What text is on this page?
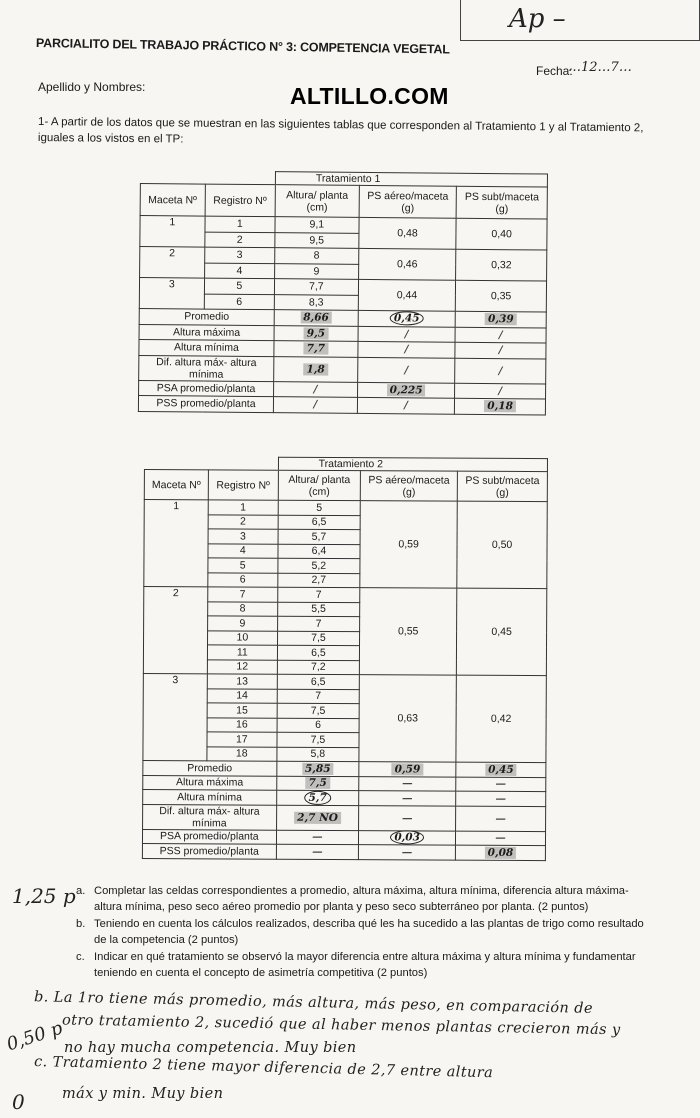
Ap –
PARCIALITO DEL TRABAJO PRÁCTICO N° 3: COMPETENCIA VEGETAL
Fecha:
…12…7…
Apellido y Nombres:	ALTILLO.COM
1- A partir de los datos que se muestran en las siguientes tablas que corresponden al Tratamiento 1 y al Tratamiento 2, iguales a los vistos en el TP:
		Tratamiento 1		
Maceta Nº	Registro Nº	Altura/ planta (cm)	PS aéreo/maceta (g)	PS subt/maceta (g)
1	1	9,1	0,48	0,40
	2	9,5		
2	3	8	0,46	0,32
	4	9		
3	5	7,7	0,44	0,35
	6	8,3		
Promedio		8,66	0,45	0,39
Altura máxima		9,5	/	/
Altura mínima		7,7	/	/
Dif. altura máx- altura mínima		1,8	/	/
PSA promedio/planta		/	0,225	/
PSS promedio/planta		/	/	0,18
		Tratamiento 2		
Maceta Nº	Registro Nº	Altura/ planta (cm)	PS aéreo/maceta (g)	PS subt/maceta (g)
1	1	5	0,59	0,50
	2	6,5		
	3	5,7		
	4	6,4		
	5	5,2		
	6	2,7		
2	7	7	0,55	0,45
	8	5,5		
	9	7		
	10	7,5		
	11	6,5		
	12	7,2		
3	13	6,5	0,63	0,42
	14	7		
	15	7,5		
	16	6		
	17	7,5		
	18	5,8		
Promedio		5,85	0,59	0,45
Altura máxima		7,5	—	—
Altura mínima		5,7	—	—
Dif. altura máx- altura mínima		2,7 NO	—	—
PSA promedio/planta		—	0,03	—
PSS promedio/planta		—	—	0,08
1,25 p a. Completar las celdas correspondientes a promedio, altura máxima, altura mínima, diferencia altura máxima-altura mínima, peso seco aéreo promedio por planta y peso seco subterráneo por planta. (2 puntos)
b. Teniendo en cuenta los cálculos realizados, describa qué les ha sucedido a las plantas de trigo como resultado de la competencia (2 puntos)
c. Indicar en qué tratamiento se observó la mayor diferencia entre altura máxima y altura mínima y fundamentar teniendo en cuenta el concepto de asimetría competitiva (2 puntos)
b. La 1ro tiene más promedio, más altura, más peso, en comparación de
otro tratamiento 2, sucedió que al haber menos plantas crecieron más y
no hay mucha competencia. Muy bien
0,50 p
c. Tratamiento 2 tiene mayor diferencia de 2,7 entre altura
máx y min. Muy bien
0
